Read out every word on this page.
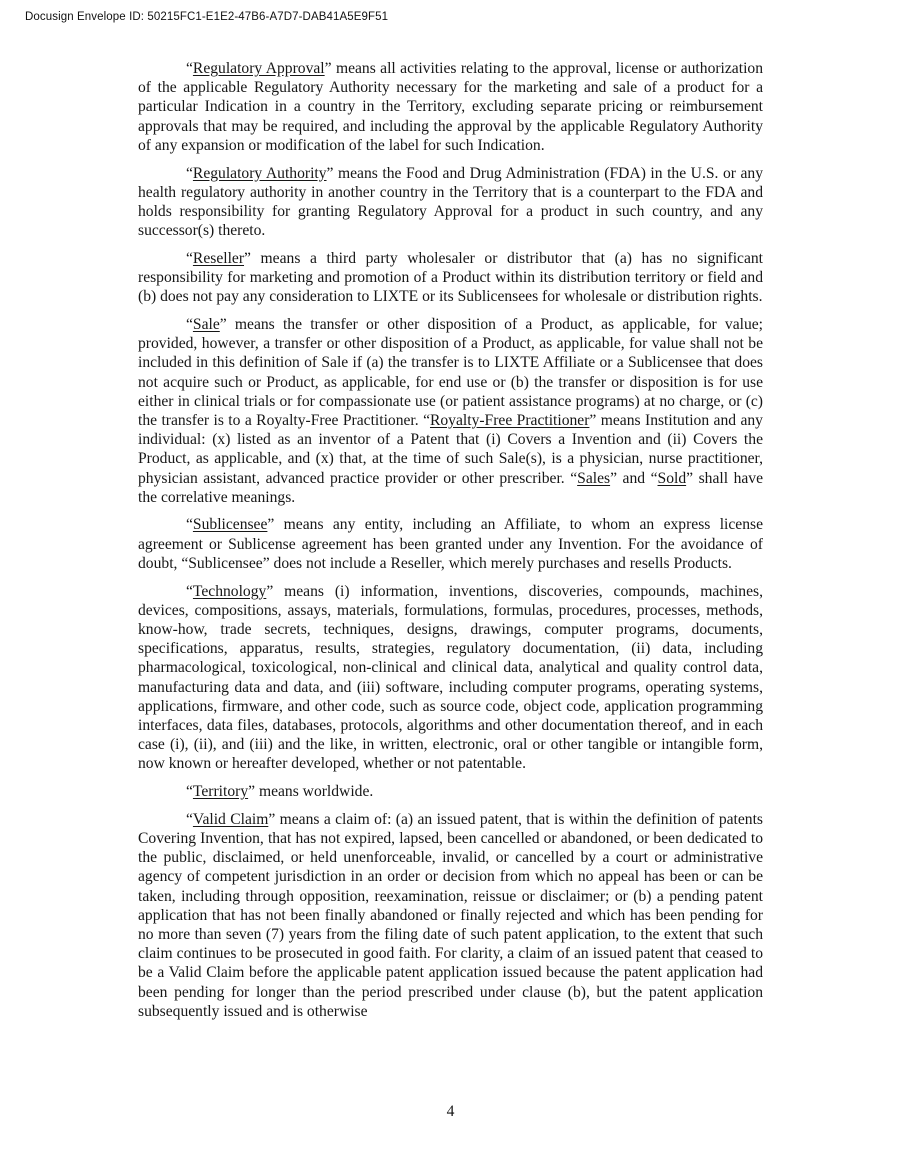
Docusign Envelope ID: 50215FC1-E1E2-47B6-A7D7-DAB41A5E9F51

“Regulatory Approval” means all activities relating to the approval, license or authorization of the applicable Regulatory Authority necessary for the marketing and sale of a product for a particular Indication in a country in the Territory, excluding separate pricing or reimbursement approvals that may be required, and including the approval by the applicable Regulatory Authority of any expansion or modification of the label for such Indication.

“Regulatory Authority” means the Food and Drug Administration (FDA) in the U.S. or any health regulatory authority in another country in the Territory that is a counterpart to the FDA and holds responsibility for granting Regulatory Approval for a product in such country, and any successor(s) thereto.

“Reseller” means a third party wholesaler or distributor that (a) has no significant responsibility for marketing and promotion of a Product within its distribution territory or field and (b) does not pay any consideration to LIXTE or its Sublicensees for wholesale or distribution rights.

“Sale” means the transfer or other disposition of a Product, as applicable, for value; provided, however, a transfer or other disposition of a Product, as applicable, for value shall not be included in this definition of Sale if (a) the transfer is to LIXTE Affiliate or a Sublicensee that does not acquire such or Product, as applicable, for end use or (b) the transfer or disposition is for use either in clinical trials or for compassionate use (or patient assistance programs) at no charge, or (c) the transfer is to a Royalty-Free Practitioner. “Royalty-Free Practitioner” means Institution and any individual: (x) listed as an inventor of a Patent that (i) Covers a Invention and (ii) Covers the Product, as applicable, and (x) that, at the time of such Sale(s), is a physician, nurse practitioner, physician assistant, advanced practice provider or other prescriber. “Sales” and “Sold” shall have the correlative meanings.

“Sublicensee” means any entity, including an Affiliate, to whom an express license agreement or Sublicense agreement has been granted under any Invention. For the avoidance of doubt, “Sublicensee” does not include a Reseller, which merely purchases and resells Products.

“Technology” means (i) information, inventions, discoveries, compounds, machines, devices, compositions, assays, materials, formulations, formulas, procedures, processes, methods, know-how, trade secrets, techniques, designs, drawings, computer programs, documents, specifications, apparatus, results, strategies, regulatory documentation, (ii) data, including pharmacological, toxicological, non-clinical and clinical data, analytical and quality control data, manufacturing data and data, and (iii) software, including computer programs, operating systems, applications, firmware, and other code, such as source code, object code, application programming interfaces, data files, databases, protocols, algorithms and other documentation thereof, and in each case (i), (ii), and (iii) and the like, in written, electronic, oral or other tangible or intangible form, now known or hereafter developed, whether or not patentable.

“Territory” means worldwide.

“Valid Claim” means a claim of: (a) an issued patent, that is within the definition of patents Covering Invention, that has not expired, lapsed, been cancelled or abandoned, or been dedicated to the public, disclaimed, or held unenforceable, invalid, or cancelled by a court or administrative agency of competent jurisdiction in an order or decision from which no appeal has been or can be taken, including through opposition, reexamination, reissue or disclaimer; or (b) a pending patent application that has not been finally abandoned or finally rejected and which has been pending for no more than seven (7) years from the filing date of such patent application, to the extent that such claim continues to be prosecuted in good faith. For clarity, a claim of an issued patent that ceased to be a Valid Claim before the applicable patent application issued because the patent application had been pending for longer than the period prescribed under clause (b), but the patent application subsequently issued and is otherwise

4
